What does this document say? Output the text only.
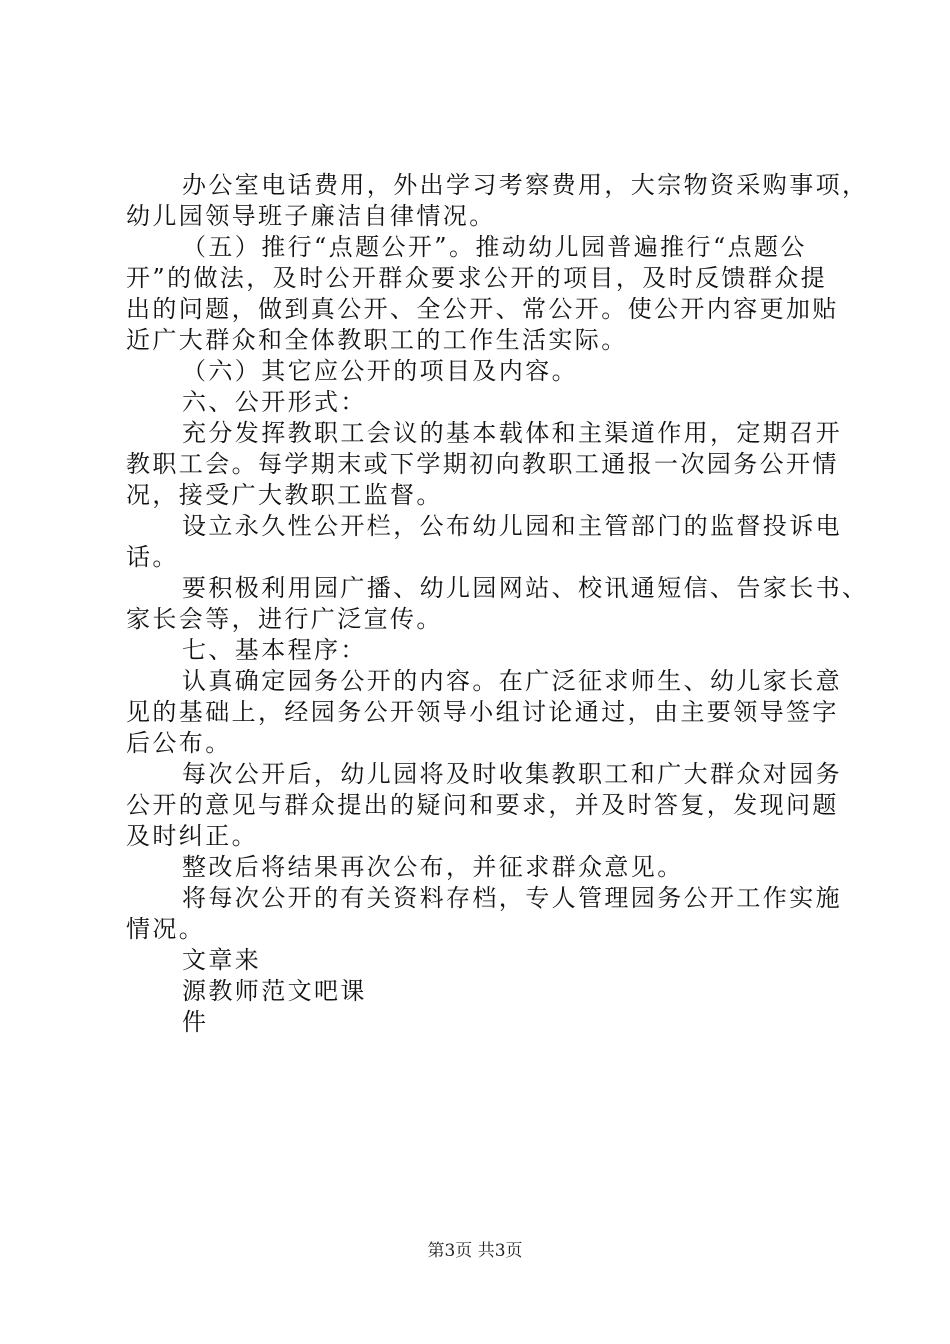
办公室电话费用，外出学习考察费用，大宗物资采购事项，
幼儿园领导班子廉洁自律情况。
（五）推行“点题公开”。推动幼儿园普遍推行“点题公
开”的做法，及时公开群众要求公开的项目，及时反馈群众提
出的问题，做到真公开、全公开、常公开。使公开内容更加贴
近广大群众和全体教职工的工作生活实际。
（六）其它应公开的项目及内容。
六、公开形式：
充分发挥教职工会议的基本载体和主渠道作用，定期召开
教职工会。每学期末或下学期初向教职工通报一次园务公开情
况，接受广大教职工监督。
设立永久性公开栏，公布幼儿园和主管部门的监督投诉电
话。
要积极利用园广播、幼儿园网站、校讯通短信、告家长书、
家长会等，进行广泛宣传。
七、基本程序：
认真确定园务公开的内容。在广泛征求师生、幼儿家长意
见的基础上，经园务公开领导小组讨论通过，由主要领导签字
后公布。
每次公开后，幼儿园将及时收集教职工和广大群众对园务
公开的意见与群众提出的疑问和要求，并及时答复，发现问题
及时纠正。
整改后将结果再次公布，并征求群众意见。
将每次公开的有关资料存档，专人管理园务公开工作实施
情况。
文章来
源教师范文吧课
件
第3页 共3页
